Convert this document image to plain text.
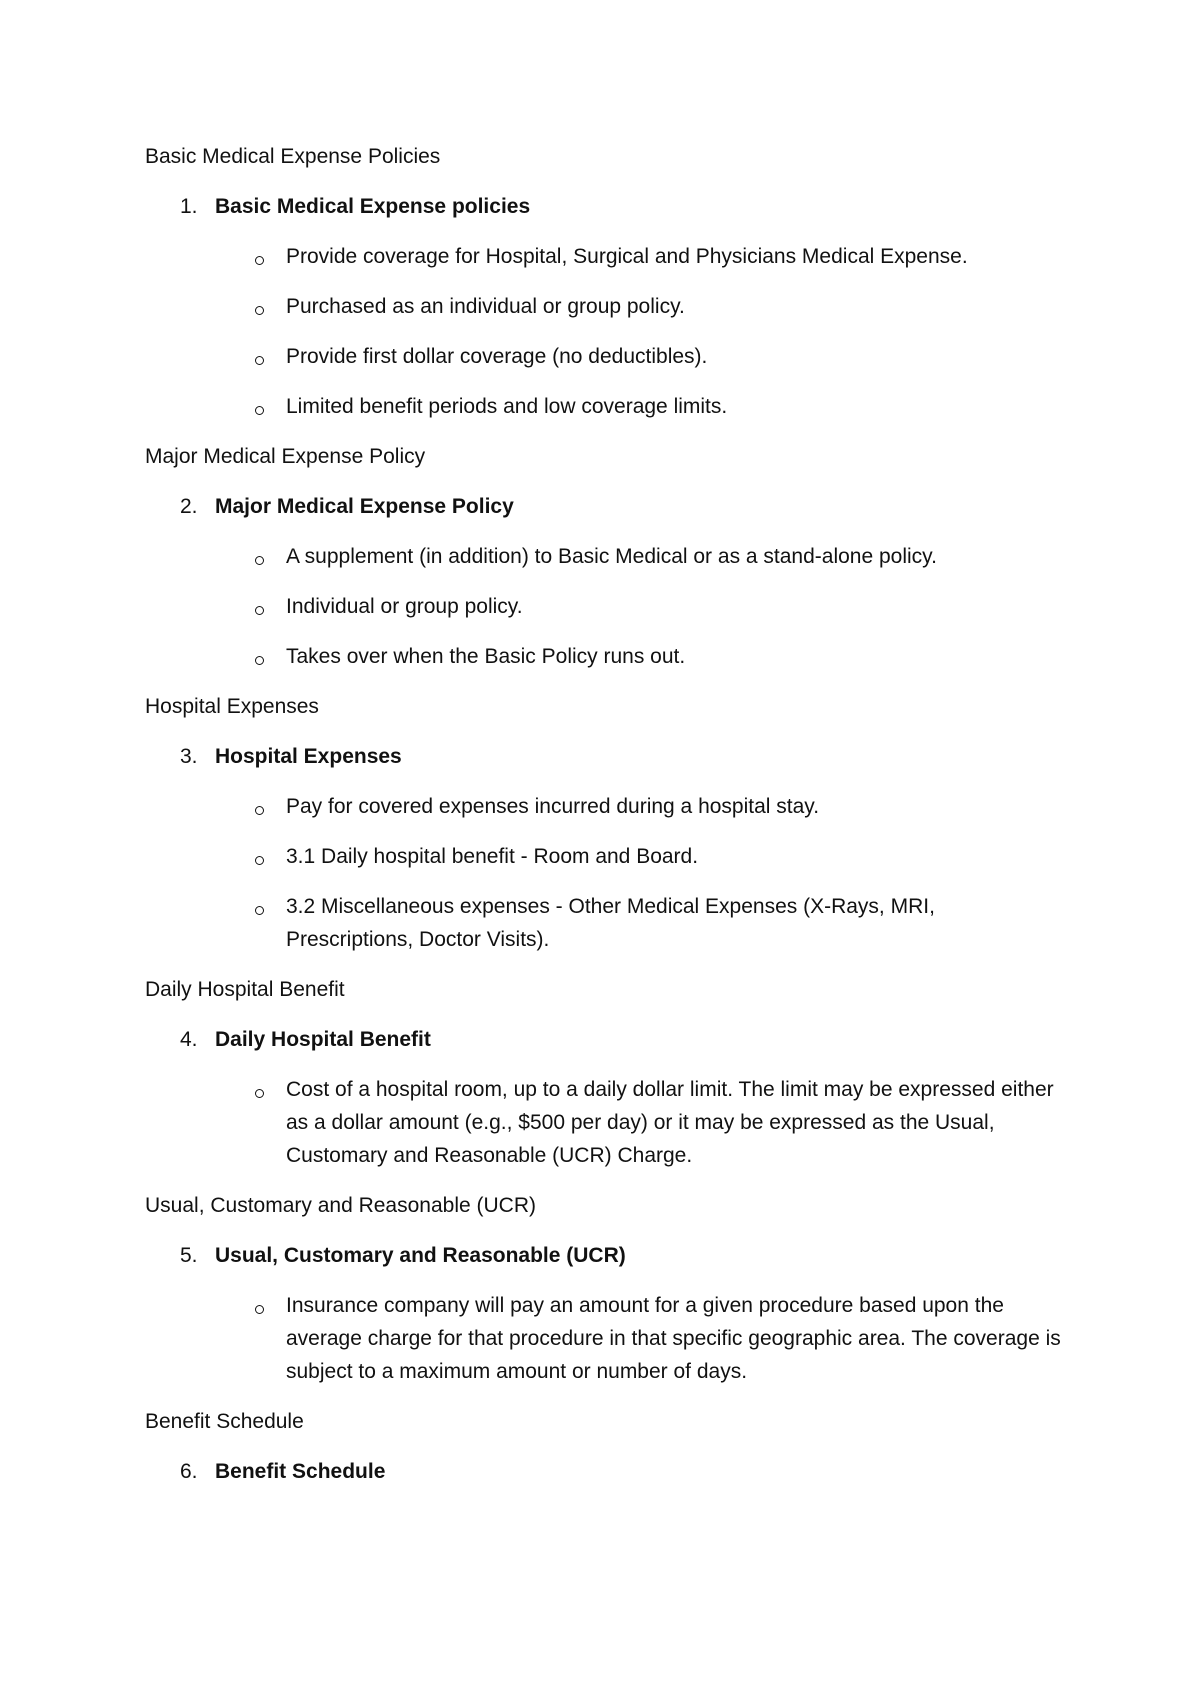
Basic Medical Expense Policies
1. Basic Medical Expense policies
Provide coverage for Hospital, Surgical and Physicians Medical Expense.
Purchased as an individual or group policy.
Provide first dollar coverage (no deductibles).
Limited benefit periods and low coverage limits.
Major Medical Expense Policy
2. Major Medical Expense Policy
A supplement (in addition) to Basic Medical or as a stand-alone policy.
Individual or group policy.
Takes over when the Basic Policy runs out.
Hospital Expenses
3. Hospital Expenses
Pay for covered expenses incurred during a hospital stay.
3.1 Daily hospital benefit - Room and Board.
3.2 Miscellaneous expenses - Other Medical Expenses (X-Rays, MRI, Prescriptions, Doctor Visits).
Daily Hospital Benefit
4. Daily Hospital Benefit
Cost of a hospital room, up to a daily dollar limit. The limit may be expressed either as a dollar amount (e.g., $500 per day) or it may be expressed as the Usual, Customary and Reasonable (UCR) Charge.
Usual, Customary and Reasonable (UCR)
5. Usual, Customary and Reasonable (UCR)
Insurance company will pay an amount for a given procedure based upon the average charge for that procedure in that specific geographic area. The coverage is subject to a maximum amount or number of days.
Benefit Schedule
6. Benefit Schedule
